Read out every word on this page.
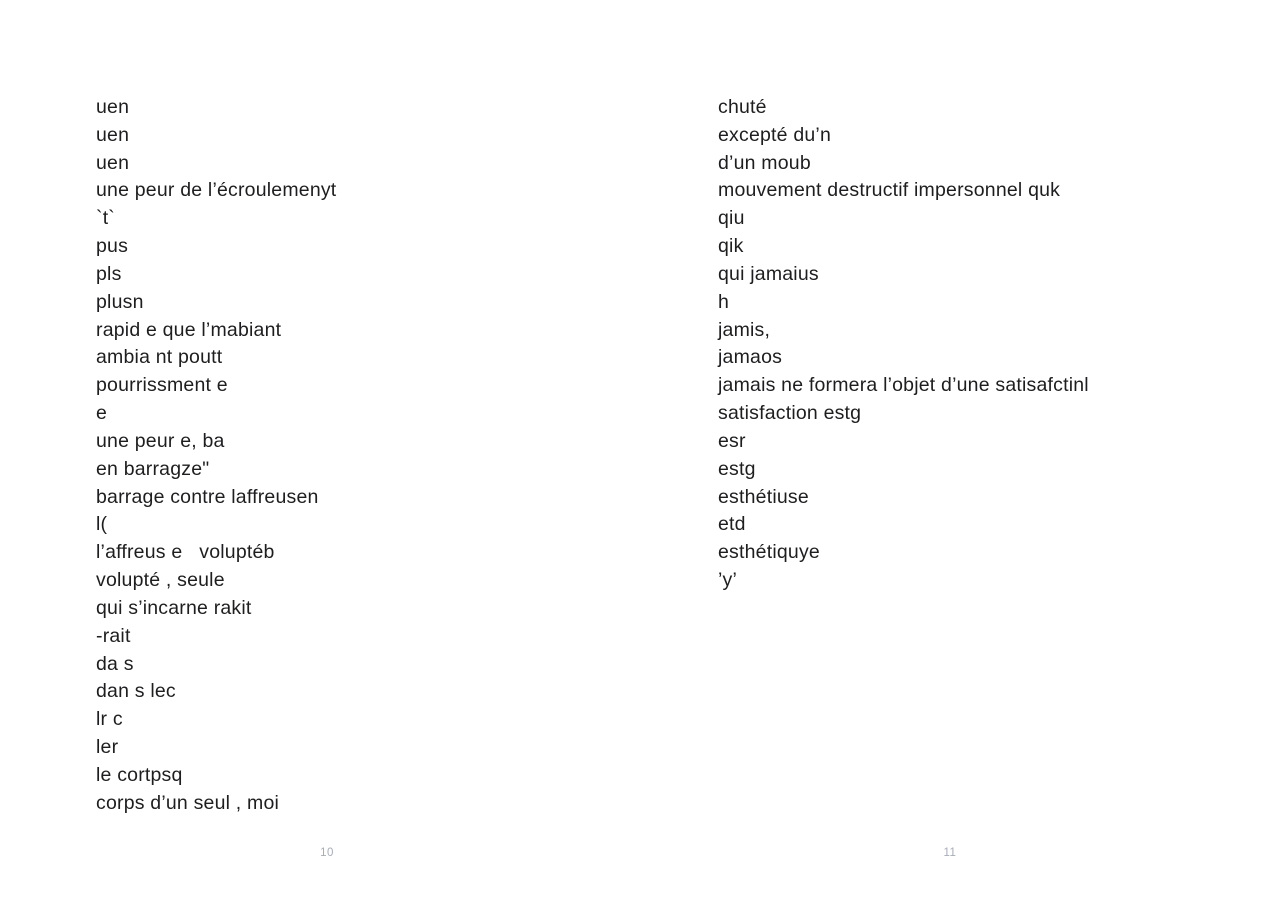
uen
uen
uen
une peur de l’écroulemenyt
`t`
pus
pls
plusn
rapid e que l’mabiant
ambia nt poutt
pourrissment e
e
une peur e, ba
en barragze"
barrage contre laffreusen
l(
l’affreus e   voluptéb
volupté , seule
qui s’incarne rakit
-rait
da s
dan s lec
lr c
ler
le cortpsq
corps d’un seul , moi
10
chuté
excepté du’n
d’un moub
mouvement destructif impersonnel quk
qiu
qik
qui jamaius
h
jamis,
jamaos
jamais ne formera l’objet d’une satisafctinl
satisfaction estg
esr
estg
esthétiuse
etd
esthétiquye
’y’
11
